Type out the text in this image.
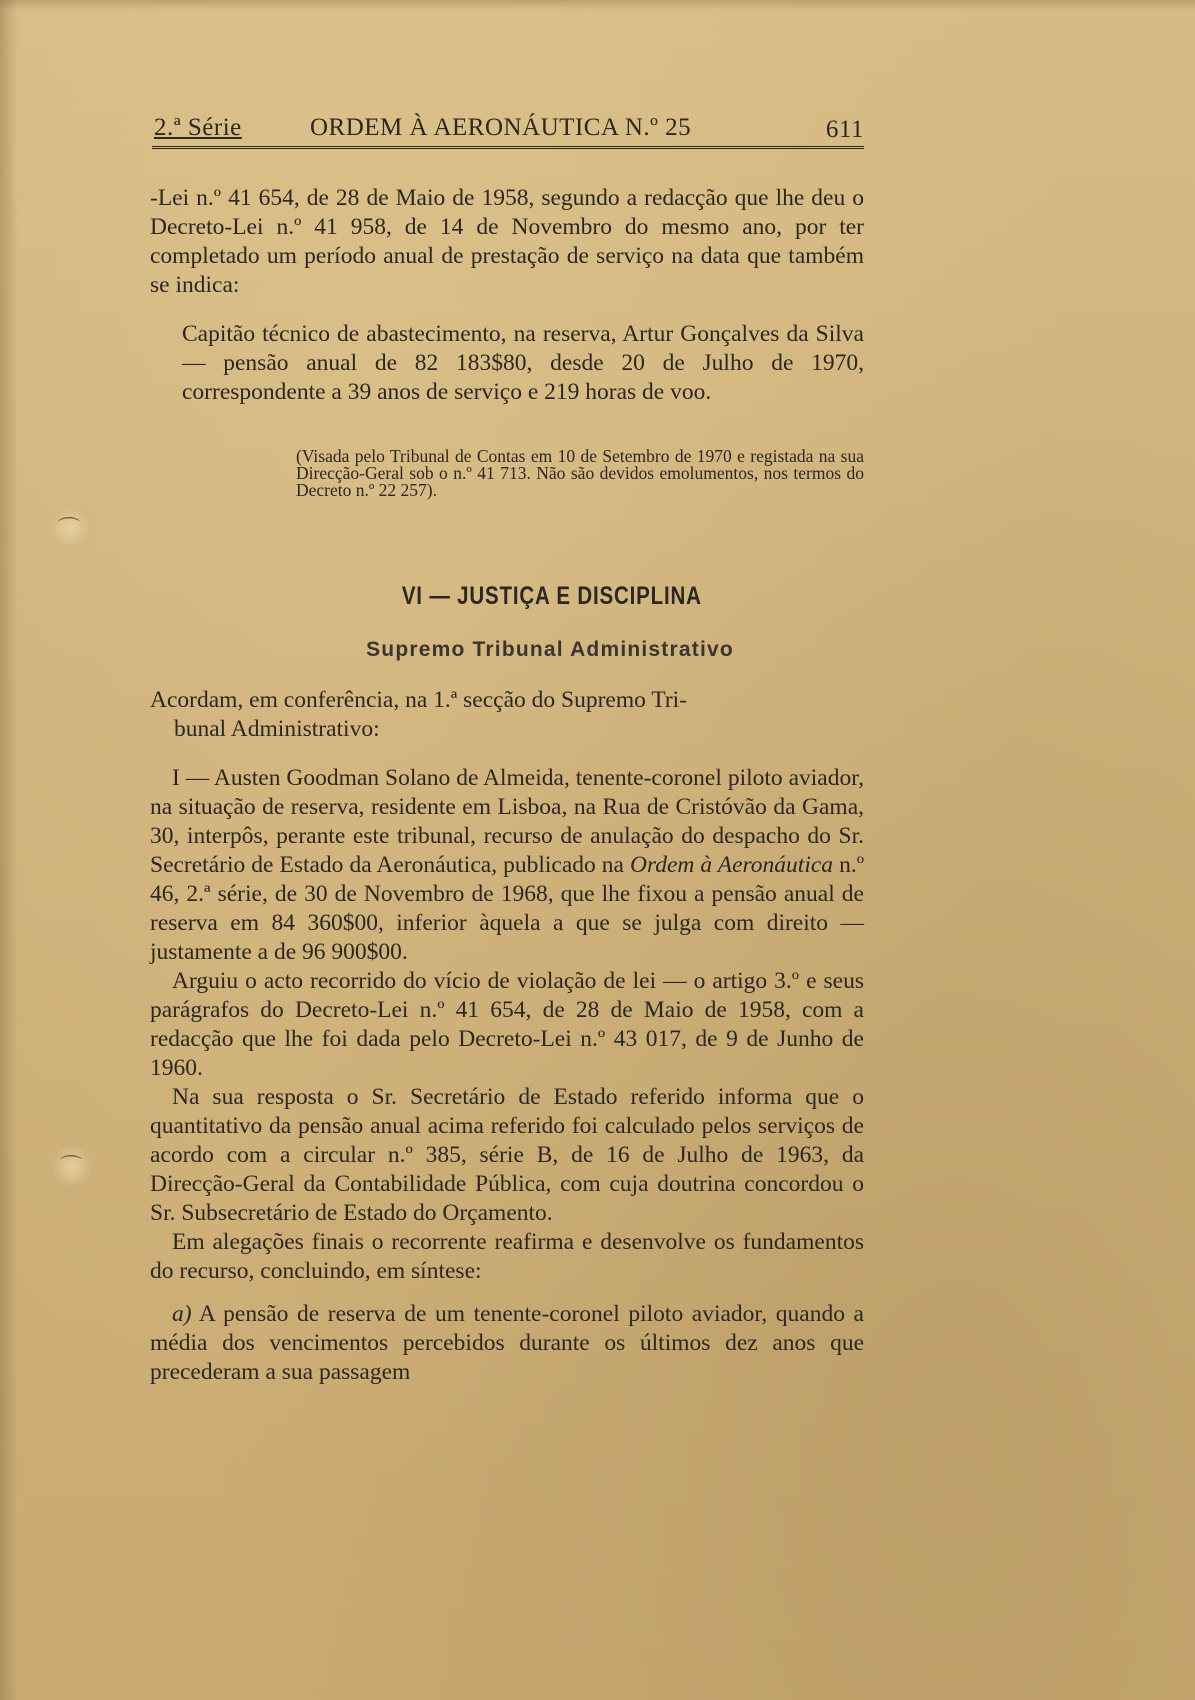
⌒
⌒
2.ª Série	ORDEM À AERONÁUTICA N.º 25	611

-Lei n.º 41 654, de 28 de Maio de 1958, segundo a redacção que lhe deu o Decreto-Lei n.º 41 958, de 14 de Novembro do mesmo ano, por ter completado um período anual de prestação de serviço na data que também se indica:

Capitão técnico de abastecimento, na reserva, Artur Gonçalves da Silva — pensão anual de 82 183$80, desde 20 de Julho de 1970, correspondente a 39 anos de serviço e 219 horas de voo.

(Visada pelo Tribunal de Contas em 10 de Setembro de 1970 e registada na sua Direcção-Geral sob o n.º 41 713. Não são devidos emolumentos, nos termos do Decreto n.º 22 257).

VI — JUSTIÇA E DISCIPLINA
Supremo Tribunal Administrativo

Acordam, em conferência, na 1.ª secção do Supremo Tri-

bunal Administrativo:

I — Austen Goodman Solano de Almeida, tenente-coronel piloto aviador, na situação de reserva, residente em Lisboa, na Rua de Cristóvão da Gama, 30, interpôs, perante este tribunal, recurso de anulação do despacho do Sr. Secretário de Estado da Aeronáutica, publicado na Ordem à Aeronáutica n.º 46, 2.ª série, de 30 de Novembro de 1968, que lhe fixou a pensão anual de reserva em 84 360$00, inferior àquela a que se julga com direito — justamente a de 96 900$00.

Arguiu o acto recorrido do vício de violação de lei — o artigo 3.º e seus parágrafos do Decreto-Lei n.º 41 654, de 28 de Maio de 1958, com a redacção que lhe foi dada pelo Decreto-Lei n.º 43 017, de 9 de Junho de 1960.

Na sua resposta o Sr. Secretário de Estado referido informa que o quantitativo da pensão anual acima referido foi calculado pelos serviços de acordo com a circular n.º 385, série B, de 16 de Julho de 1963, da Direcção-Geral da Contabilidade Pública, com cuja doutrina concordou o Sr. Subsecretário de Estado do Orçamento.

Em alegações finais o recorrente reafirma e desenvolve os fundamentos do recurso, concluindo, em síntese:

a) A pensão de reserva de um tenente-coronel piloto aviador, quando a média dos vencimentos percebidos durante os últimos dez anos que precederam a sua passagem
